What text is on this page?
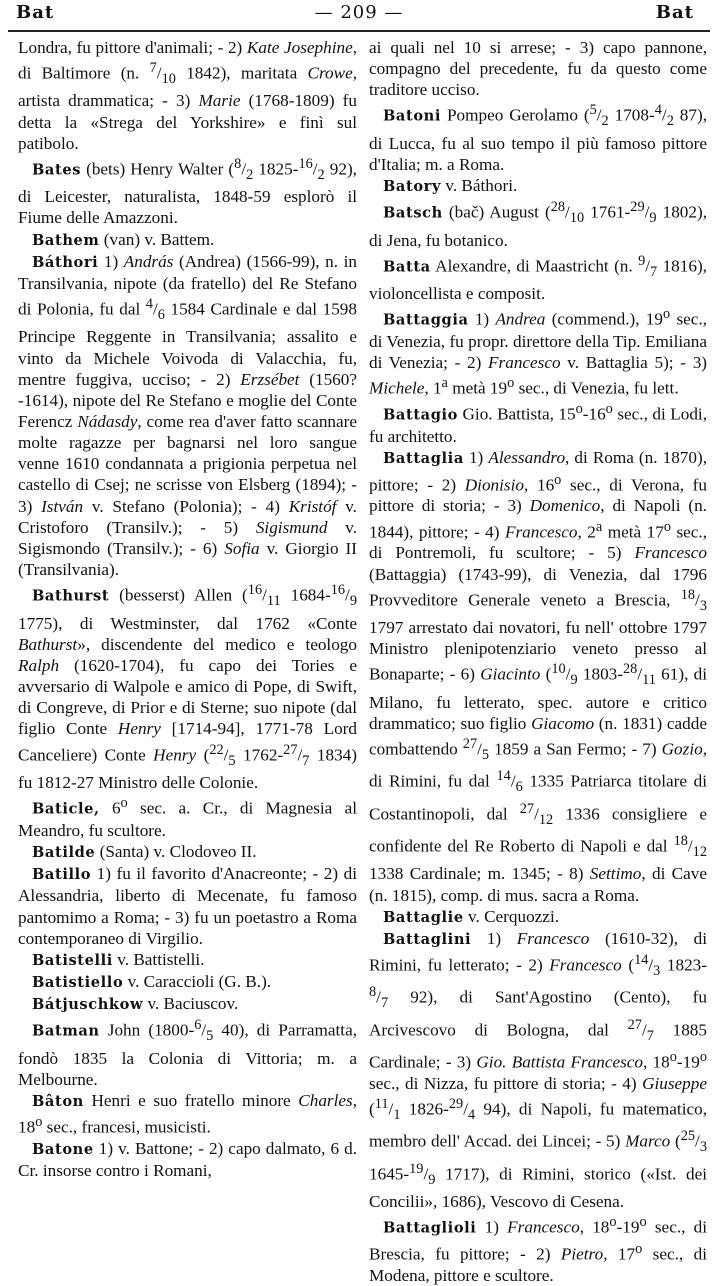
Bat	— 209 —	Bat

Londra, fu pittore d'animali; - 2) Kate Josephine, di Baltimore (n. $^7/_{10}$ 1842), maritata Crowe, artista drammatica; - 3) Marie (1768-1809) fu detta la «Strega del Yorkshire» e finì sul patibolo.

Bates (bets) Henry Walter ($^8/_2$ $1825-^{16}/_2$ 92), di Leicester, naturalista, 1848-59 esplorò il Fiume delle Amazzoni.

Bathem (van) v. Battem.

Báthori 1) András (Andrea) (1566-99), n. in Transilvania, nipote (da fratello) del Re Stefano di Polonia, fu dal $^4/_6$ 1584 Cardinale e dal 1598 Principe Reggente in Transilvania; assalito e vinto da Michele Voivoda di Valacchia, fu, mentre fuggiva, ucciso; - 2) Erzsébet (1560?-1614), nipote del Re Stefano e moglie del Conte Ferencz Nádasdy, come rea d'aver fatto scannare molte ragazze per bagnarsi nel loro sangue venne 1610 condannata a prigionia perpetua nel castello di Csej; ne scrisse von Elsberg (1894); - 3) István v. Stefano (Polonia); - 4) Kristóf v. Cristoforo (Transilv.); - 5) Sigismund v. Sigismondo (Transilv.); - 6) Sofia v. Giorgio II (Transilvania).

Bathurst (besserst) Allen ($^{16}/_{11}$ $1684-^{16}/_9$ 1775), di Westminster, dal 1762 «Conte Bathurst», discendente del medico e teologo Ralph (1620-1704), fu capo dei Tories e avversario di Walpole e amico di Pope, di Swift, di Congreve, di Prior e di Sterne; suo nipote (dal figlio Conte Henry [1714-94], 1771-78 Lord Canceliere) Conte Henry ($^{22}/_5$ $1762-^{27}/_7$ 1834) fu 1812-27 Ministro delle Colonie.

Baticle, 6$^o$ sec. a. Cr., di Magnesia al Meandro, fu scultore.

Batilde (Santa) v. Clodoveo II.

Batillo 1) fu il favorito d'Anacreonte; - 2) di Alessandria, liberto di Mecenate, fu famoso pantomimo a Roma; - 3) fu un poetastro a Roma contemporaneo di Virgilio.

Batistelli v. Battistelli.

Batistiello v. Caraccioli (G. B.).

Bátjuschkow v. Baciuscov.

Batman John ($1800-^6/_5$ 40), di Parramatta, fondò 1835 la Colonia di Vittoria; m. a Melbourne.

Bâton Henri e suo fratello minore Charles, 18$^o$ sec., francesi, musicisti.

Batone 1) v. Battone; - 2) capo dalmato, 6 d. Cr. insorse contro i Romani,

ai quali nel 10 si arrese; - 3) capo pannone, compagno del precedente, fu da questo come traditore ucciso.

Batoni Pompeo Gerolamo ($^5/_2$ $1708-^4/_2$ 87), di Lucca, fu al suo tempo il più famoso pittore d'Italia; m. a Roma.

Batory v. Báthori.

Batsch (bač) August ($^{28}/_{10}$ $1761-^{29}/_9$ 1802), di Jena, fu botanico.

Batta Alexandre, di Maastricht (n. $^9/_7$ 1816), violoncellista e composit.

Battaggia 1) Andrea (commend.), 19$^o$ sec., di Venezia, fu propr. direttore della Tip. Emiliana di Venezia; - 2) Francesco v. Battaglia 5); - 3) Michele, 1$^a$ metà 19$^o$ sec., di Venezia, fu lett.

Battagio Gio. Battista, 15$^o$-16$^o$ sec., di Lodi, fu architetto.

Battaglia 1) Alessandro, di Roma (n. 1870), pittore; - 2) Dionisio, 16$^o$ sec., di Verona, fu pittore di storia; - 3) Domenico, di Napoli (n. 1844), pittore; - 4) Francesco, 2$^a$ metà 17$^o$ sec., di Pontremoli, fu scultore; - 5) Francesco (Battaggia) (1743-99), di Venezia, dal 1796 Provveditore Generale veneto a Brescia, $^{18}/_3$ 1797 arrestato dai novatori, fu nell' ottobre 1797 Ministro plenipotenziario veneto presso al Bonaparte; - 6) Giacinto ($^{10}/_9$ $1803-^{28}/_{11}$ 61), di Milano, fu letterato, spec. autore e critico drammatico; suo figlio Giacomo (n. 1831) cadde combattendo $^{27}/_5$ 1859 a San Fermo; - 7) Gozio, di Rimini, fu dal $^{14}/_6$ 1335 Patriarca titolare di Costantinopoli, dal $^{27}/_{12}$ 1336 consigliere e confidente del Re Roberto di Napoli e dal $^{18}/_{12}$ 1338 Cardinale; m. 1345; - 8) Settimo, di Cave (n. 1815), comp. di mus. sacra a Roma.

Battaglie v. Cerquozzi.

Battaglini 1) Francesco (1610-32), di Rimini, fu letterato; - 2) Francesco ($^{14}/_3$ $1823-^8/_7$ 92), di Sant'Agostino (Cento), fu Arcivescovo di Bologna, dal $^{27}/_7$ 1885 Cardinale; - 3) Gio. Battista Francesco, 18$^o$-19$^o$ sec., di Nizza, fu pittore di storia; - 4) Giuseppe ($^{11}/_1$ $1826-^{29}/_4$ 94), di Napoli, fu matematico, membro dell' Accad. dei Lincei; - 5) Marco ($^{25}/_3$ $1645-^{19}/_9$ 1717), di Rimini, storico («Ist. dei Concilii», 1686), Vescovo di Cesena.

Battaglioli 1) Francesco, 18$^o$-19$^o$ sec., di Brescia, fu pittore; - 2) Pietro, 17$^o$ sec., di Modena, pittore e scultore.
